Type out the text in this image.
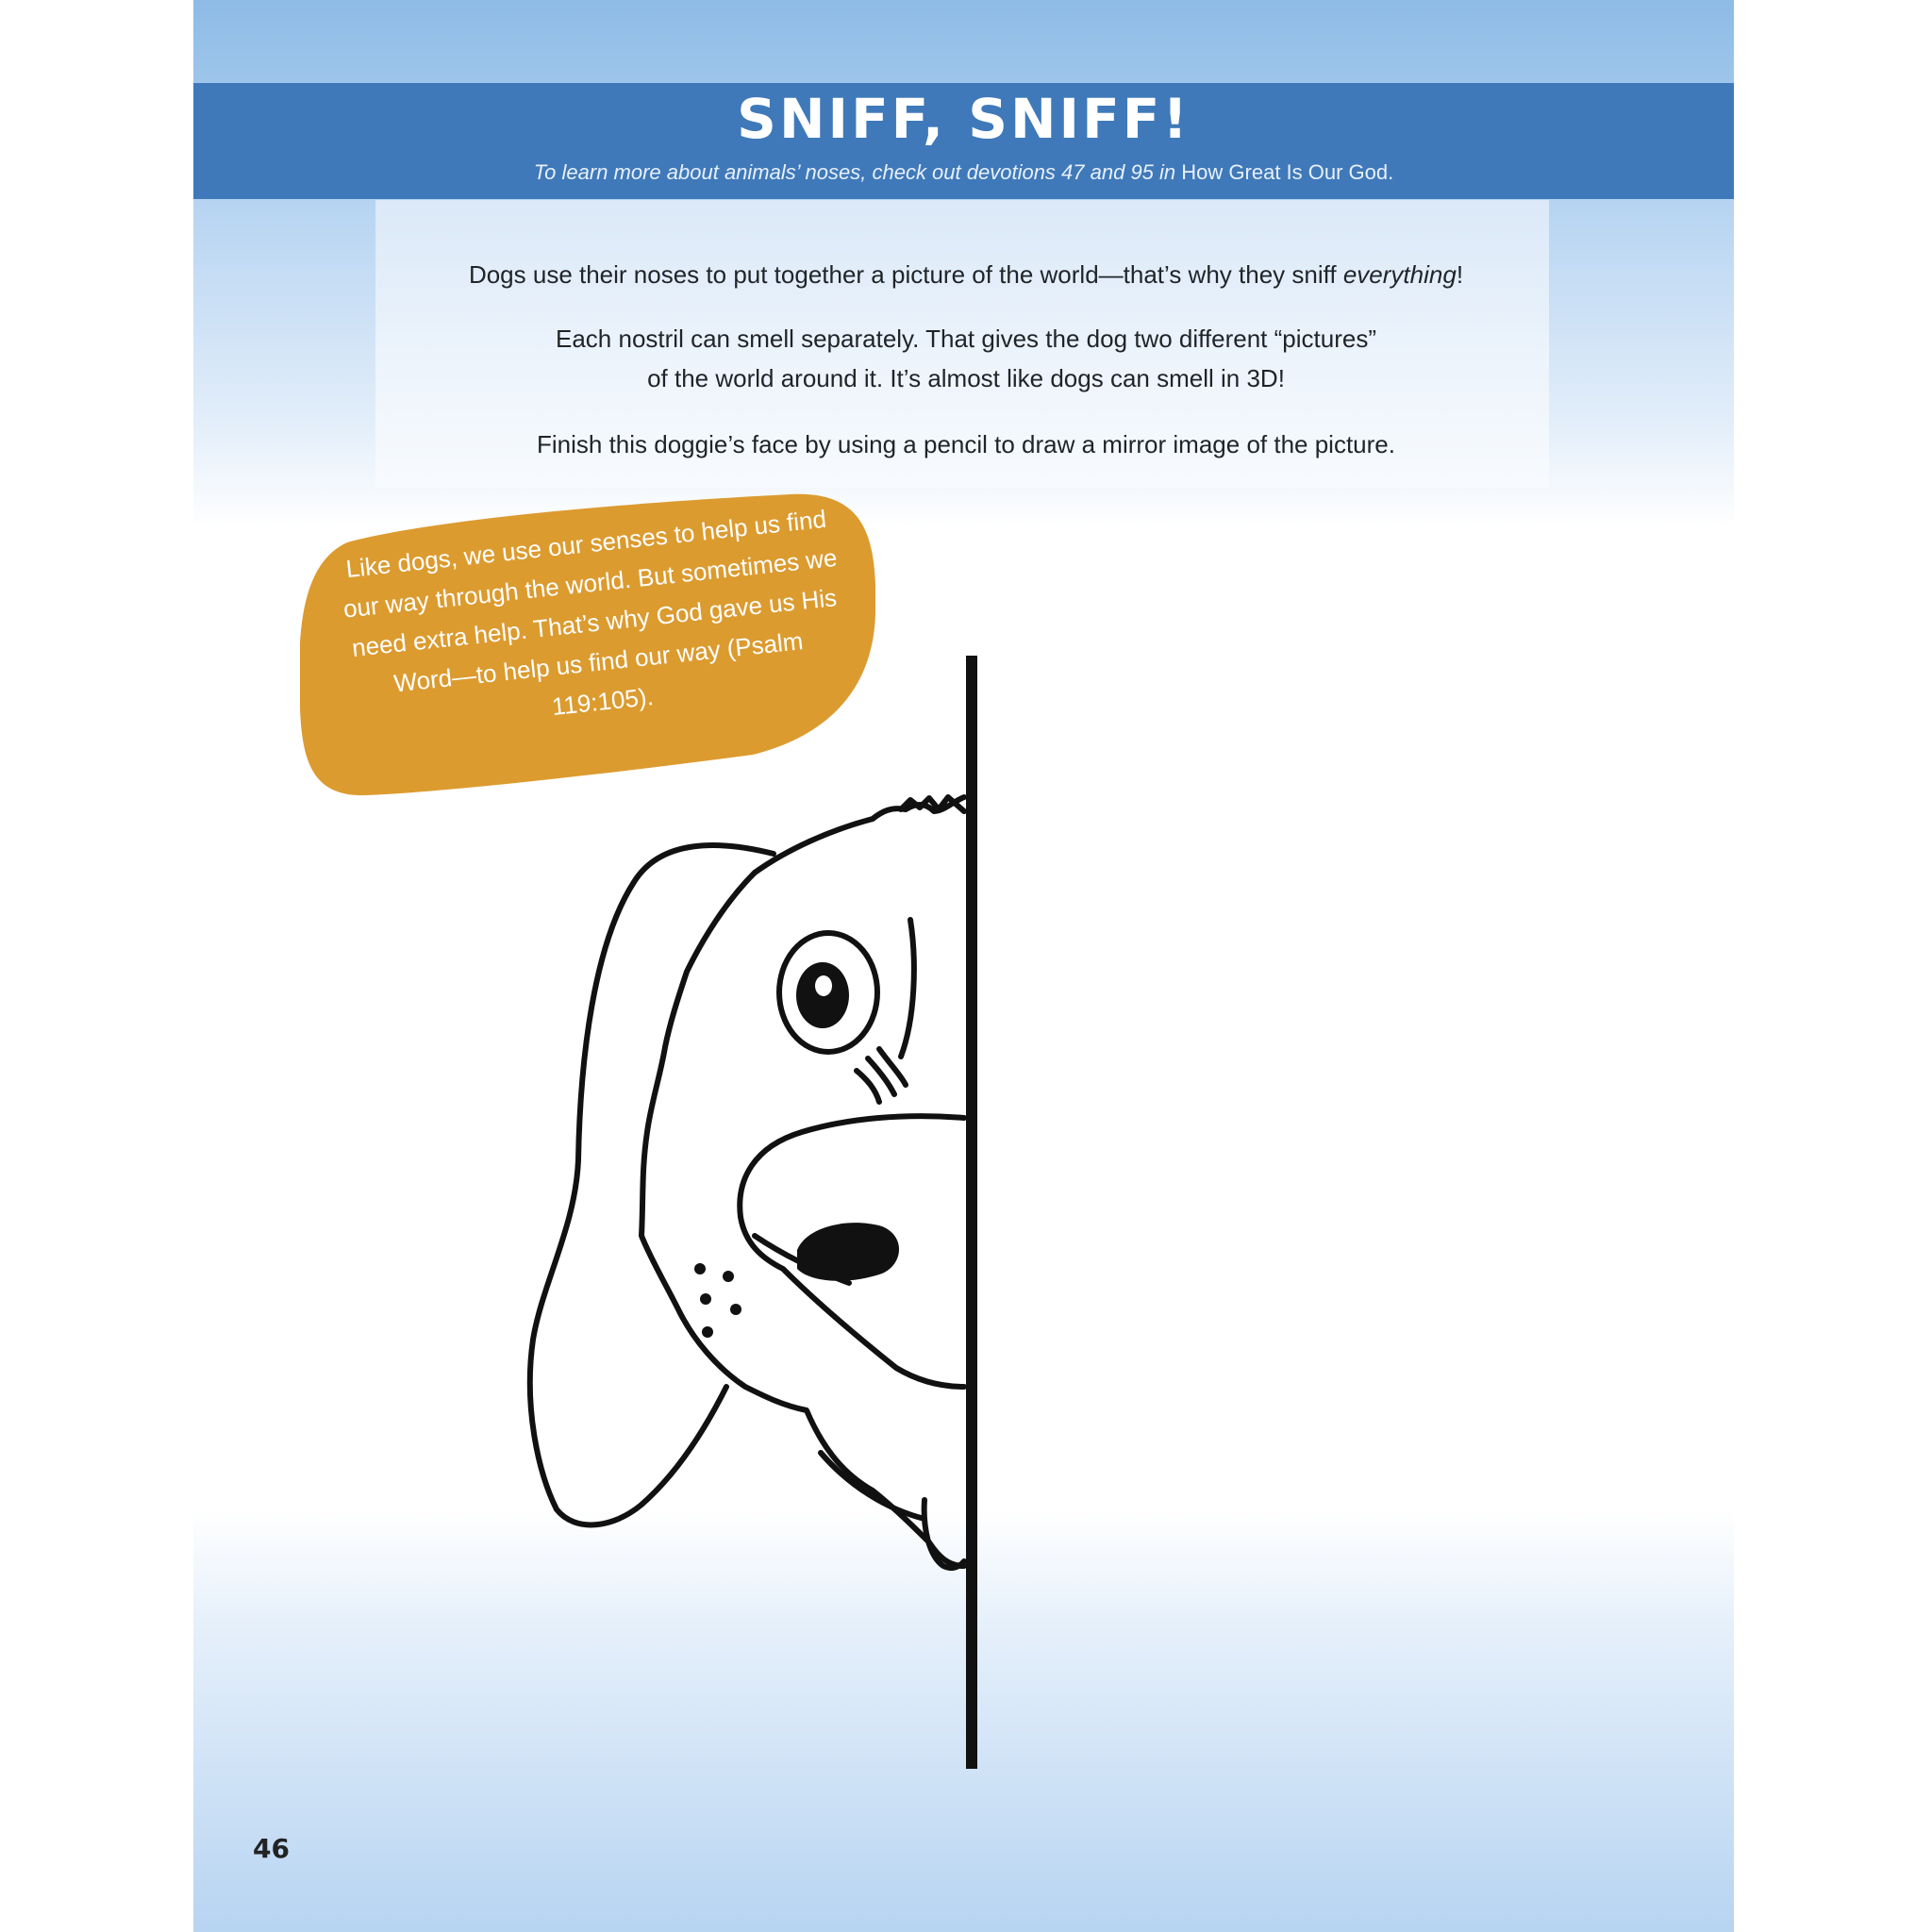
SNIFF, SNIFF!
To learn more about animals’ noses, check out devotions 47 and 95 in How Great Is Our God.
Dogs use their noses to put together a picture of the world—that’s why they sniff everything!
Each nostril can smell separately. That gives the dog two different “pictures”
of the world around it. It’s almost like dogs can smell in 3D!
Finish this doggie’s face by using a pencil to draw a mirror image of the picture.
Like dogs, we use our senses to help us find our way through the world. But sometimes we need extra help. That’s why God gave us His Word—to help us find our way (Psalm 119:105).
46
